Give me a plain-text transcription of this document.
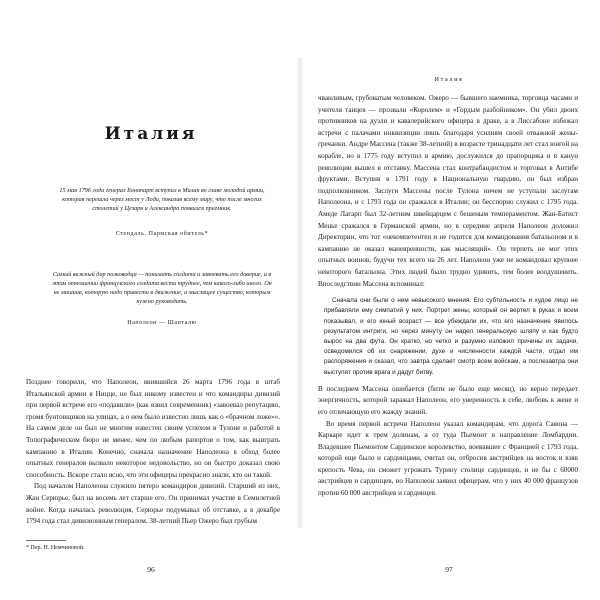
Италия

15 мая 1796 года генерал Бонапарт вступил в Милан во главе молодой армии, которая перешла через мост у Лоди, показав всему миру, что после многих столетий у Цезаря и Александра появился преемник.

Стендаль. Пармская обитель*

Самый важный дар полководца — понимать солдата и завоевать его доверие, и в этом отношении французского солдата вести труднее, чем какого-либо иного. Он не машина, которую надо привести в движение, а мыслящее существо, которым нужно руководить.

Наполеон — Шапталю

Позднее говорили, что Наполеон, явившийся 26 марта 1796 года в штаб Итальянской армии в Ницце, не был никому известен и что командиры дивизий при первой встрече его «подавили» (как язвил современник) «завоевал репутацию, громя бунтовщиков на улицах, а о нем было известно лишь как о «брачном ложе»». На самом деле он был не многим известен своим успехом в Тулоне и работой в Топографическом бюро не менее, чем по любым рапортов о том, как выиграть кампанию в Италии. Конечно, сначала назначение Наполеона в обход более опытных генералов вызвало некоторое недовольство, но он быстро доказал свою способность. Вскоре стало ясно, что эти офицеры прекрасно знали, кто он такой.

Под началом Наполеона служило пятеро командиров дивизий. Старший из них, Жан Серюрье, был на восемь лет старше его. Он принимал участие в Семилетней войне. Когда началась революция, Серюрье подумывал об отставке, а в декабре 1794 года стал дивизионным генералом. 38-летний Пьер Ожеро был грубым

* Пер. Н. Немчиновой.

96

Италия

чванливым, грубоватым человеком. Ожеро — бывшего наемника, торговца часами и учителя танцев — прозвали «Королем» и «Гордым разбойником». Он убил двоих противников на дуэли и кавалерийского офицера в драке, а в Лиссабоне избежал встречи с палачами инквизиции лишь благодаря усилиям своей отважной жены-гречанки. Андре Массена (также 38-летний) в возрасте тринадцати лет стал юнгой на корабле, но в 1775 году вступил в армию, дослужился до прапорщика и в канун революции вышел в отставку. Массена стал контрабандистом и торговал в Антибе фруктами. Вступив в 1791 году в Национальную гвардию, он был избран подполковником. Заслуги Массены после Тулона ничем не уступали заслугам Наполеона, и с 1793 года он сражался в Италии; он бесспорно служил с 1795 года. Амеде Лагарп был 32-летним швейцарцем с бешеным темпераментом. Жан-Батист Менье сражался в Германской армии, но в середине апреля Наполеон доложил Директории, что тот «некомпетентен и не годится для командования батальоном и в кампанию не оказал маневренности, как мыслящий». Он терпеть не мог этих опытных воинов, будучи тех всего на 26 лет. Наполеон уже не командовал крупнее некоторого батальона. Этих людей было трудно удивить, тем более воодушевить. Впоследствии Массена вспоминал:

Сначала они были о нем невысокого мнения. Его субтильность и худое лицо не прибавляли ему симпатий у них. Портрет жены, который он вертел в руках и всем показывал, и его юный возраст — все убеждали их, что его назначение явилось результатом интриги, но через минуту он надел генеральскую шляпу и как будто вырос на два фута. Он кратко, но четко и разумно изложил причины их задачи, осведомился об их снаряжении, духе и численности каждой части, отдал им распоряжения и сказал, что завтра сделает смотр всем войскам, а послезавтра они выступят против врага и дадут битву.

В последнем Массена ошибается (бити не было еще месяц), но верно передает энергичность, которой заражал Наполеон, его уверенность в себе, любовь к жене и его отличающую его жажду знаний.

Во время первой встречи Наполеон указал командирам, что дорога Савона — Каркаре идет к трем долинам, а от туда Пьемонт в направление Ломбардии. Владевшее Пьемонтом Сардинское королевство, воевавшее с Францией с 1793 года, которой еще было и сардинцами, считал он, отбросив австрийцев на восток и взяв крепость Чева, он сможет угрожать Турину столице сардинцев, и не бы с 60000 австрийцев и сардинцев, но Наполеон заявил офицерам, что у них 40 000 французов против 60 000 австрийцев и сардинцев.

97
